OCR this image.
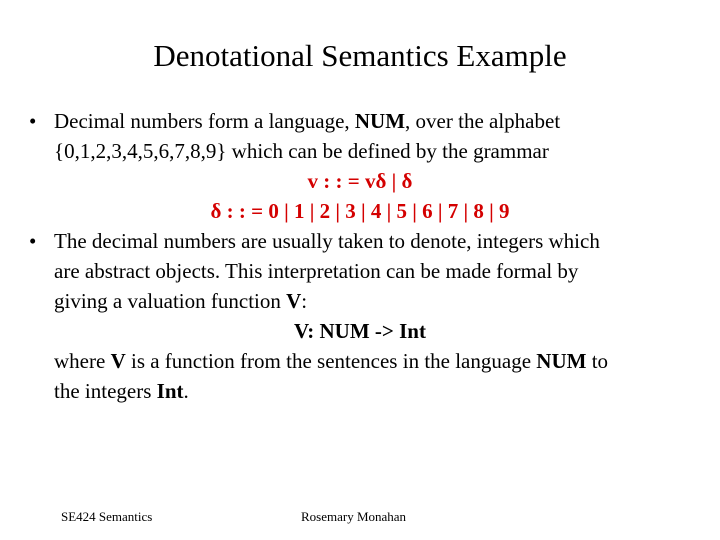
Denotational Semantics Example
• Decimal numbers form a language, NUM, over the alphabet
{0,1,2,3,4,5,6,7,8,9} which can be defined by the grammar
v : : = vδ | δ
δ : : = 0 | 1 | 2 | 3 | 4 | 5 | 6 | 7 | 8 | 9
• The decimal numbers are usually taken to denote, integers which
are abstract objects. This interpretation can be made formal by
giving a valuation function V:
V: NUM -> Int
where V is a function from the sentences in the language NUM to
the integers Int.
SE424 Semantics	Rosemary Monahan
